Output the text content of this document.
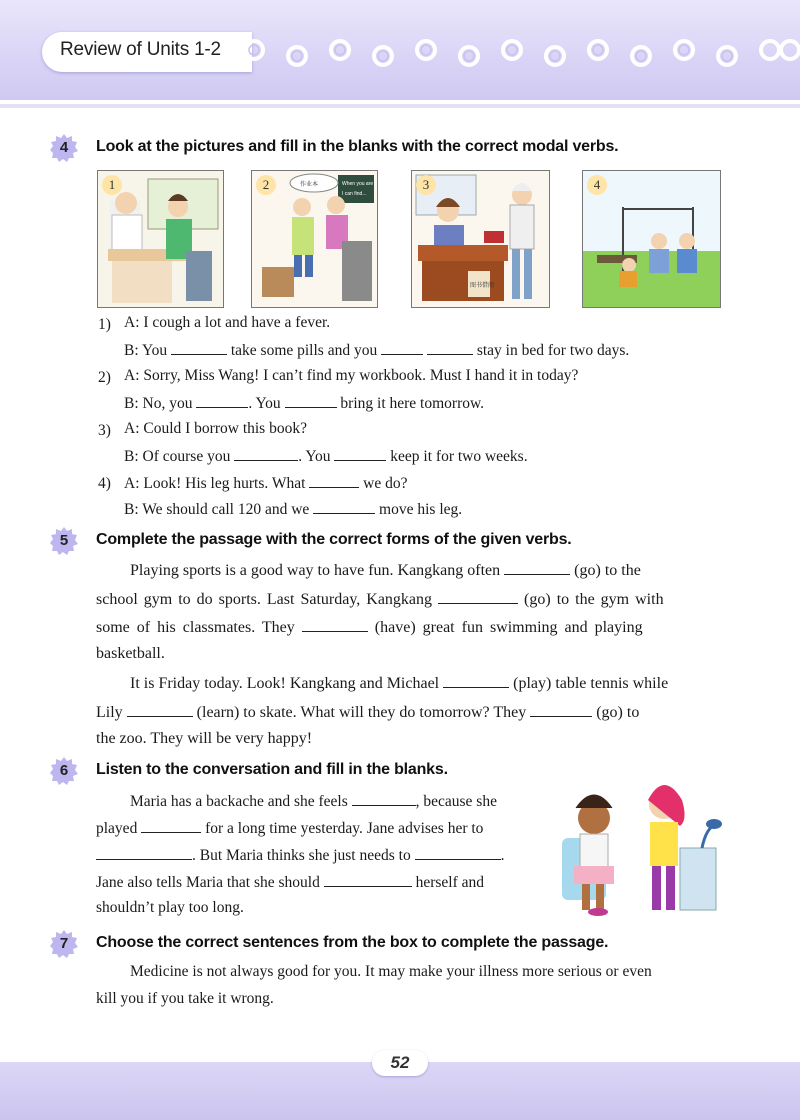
Review of Units 1-2
4	Look at the pictures and fill in the blanks with the correct modal verbs.
1	When you are
I can find...
作业本
2
图书借阅
3	4
1) A: I cough a lot and have a fever.
B: You	take some pills and you	stay in bed for two days.
2) A: Sorry, Miss Wang! I can’t find my workbook. Must I hand it in today?
B: No, you	. You	bring it here tomorrow.
3) A: Could I borrow this book?
B: Of course you	. You	keep it for two weeks.
4) A: Look! His leg hurts. What	we do?
B: We should call 120 and we	move his leg.
5	Complete the passage with the correct forms of the given verbs.
Playing sports is a good way to have fun. Kangkang often	(go) to the
school gym to do sports. Last Saturday, Kangkang	(go) to the gym with
some of his classmates. They	(have) great fun swimming and playing
basketball.
It is Friday today. Look! Kangkang and Michael	(play) table tennis while
Lily	(learn) to skate. What will they do tomorrow? They	(go) to
the zoo. They will be very happy!
6	Listen to the conversation and fill in the blanks.
Maria has a backache and she feels	, because she
played	for a long time yesterday. Jane advises her to
. But Maria thinks she just needs to	.
Jane also tells Maria that she should	herself and
shouldn’t play too long.
7	Choose the correct sentences from the box to complete the passage.
Medicine is not always good for you. It may make your illness more serious or even
kill you if you take it wrong.
52
